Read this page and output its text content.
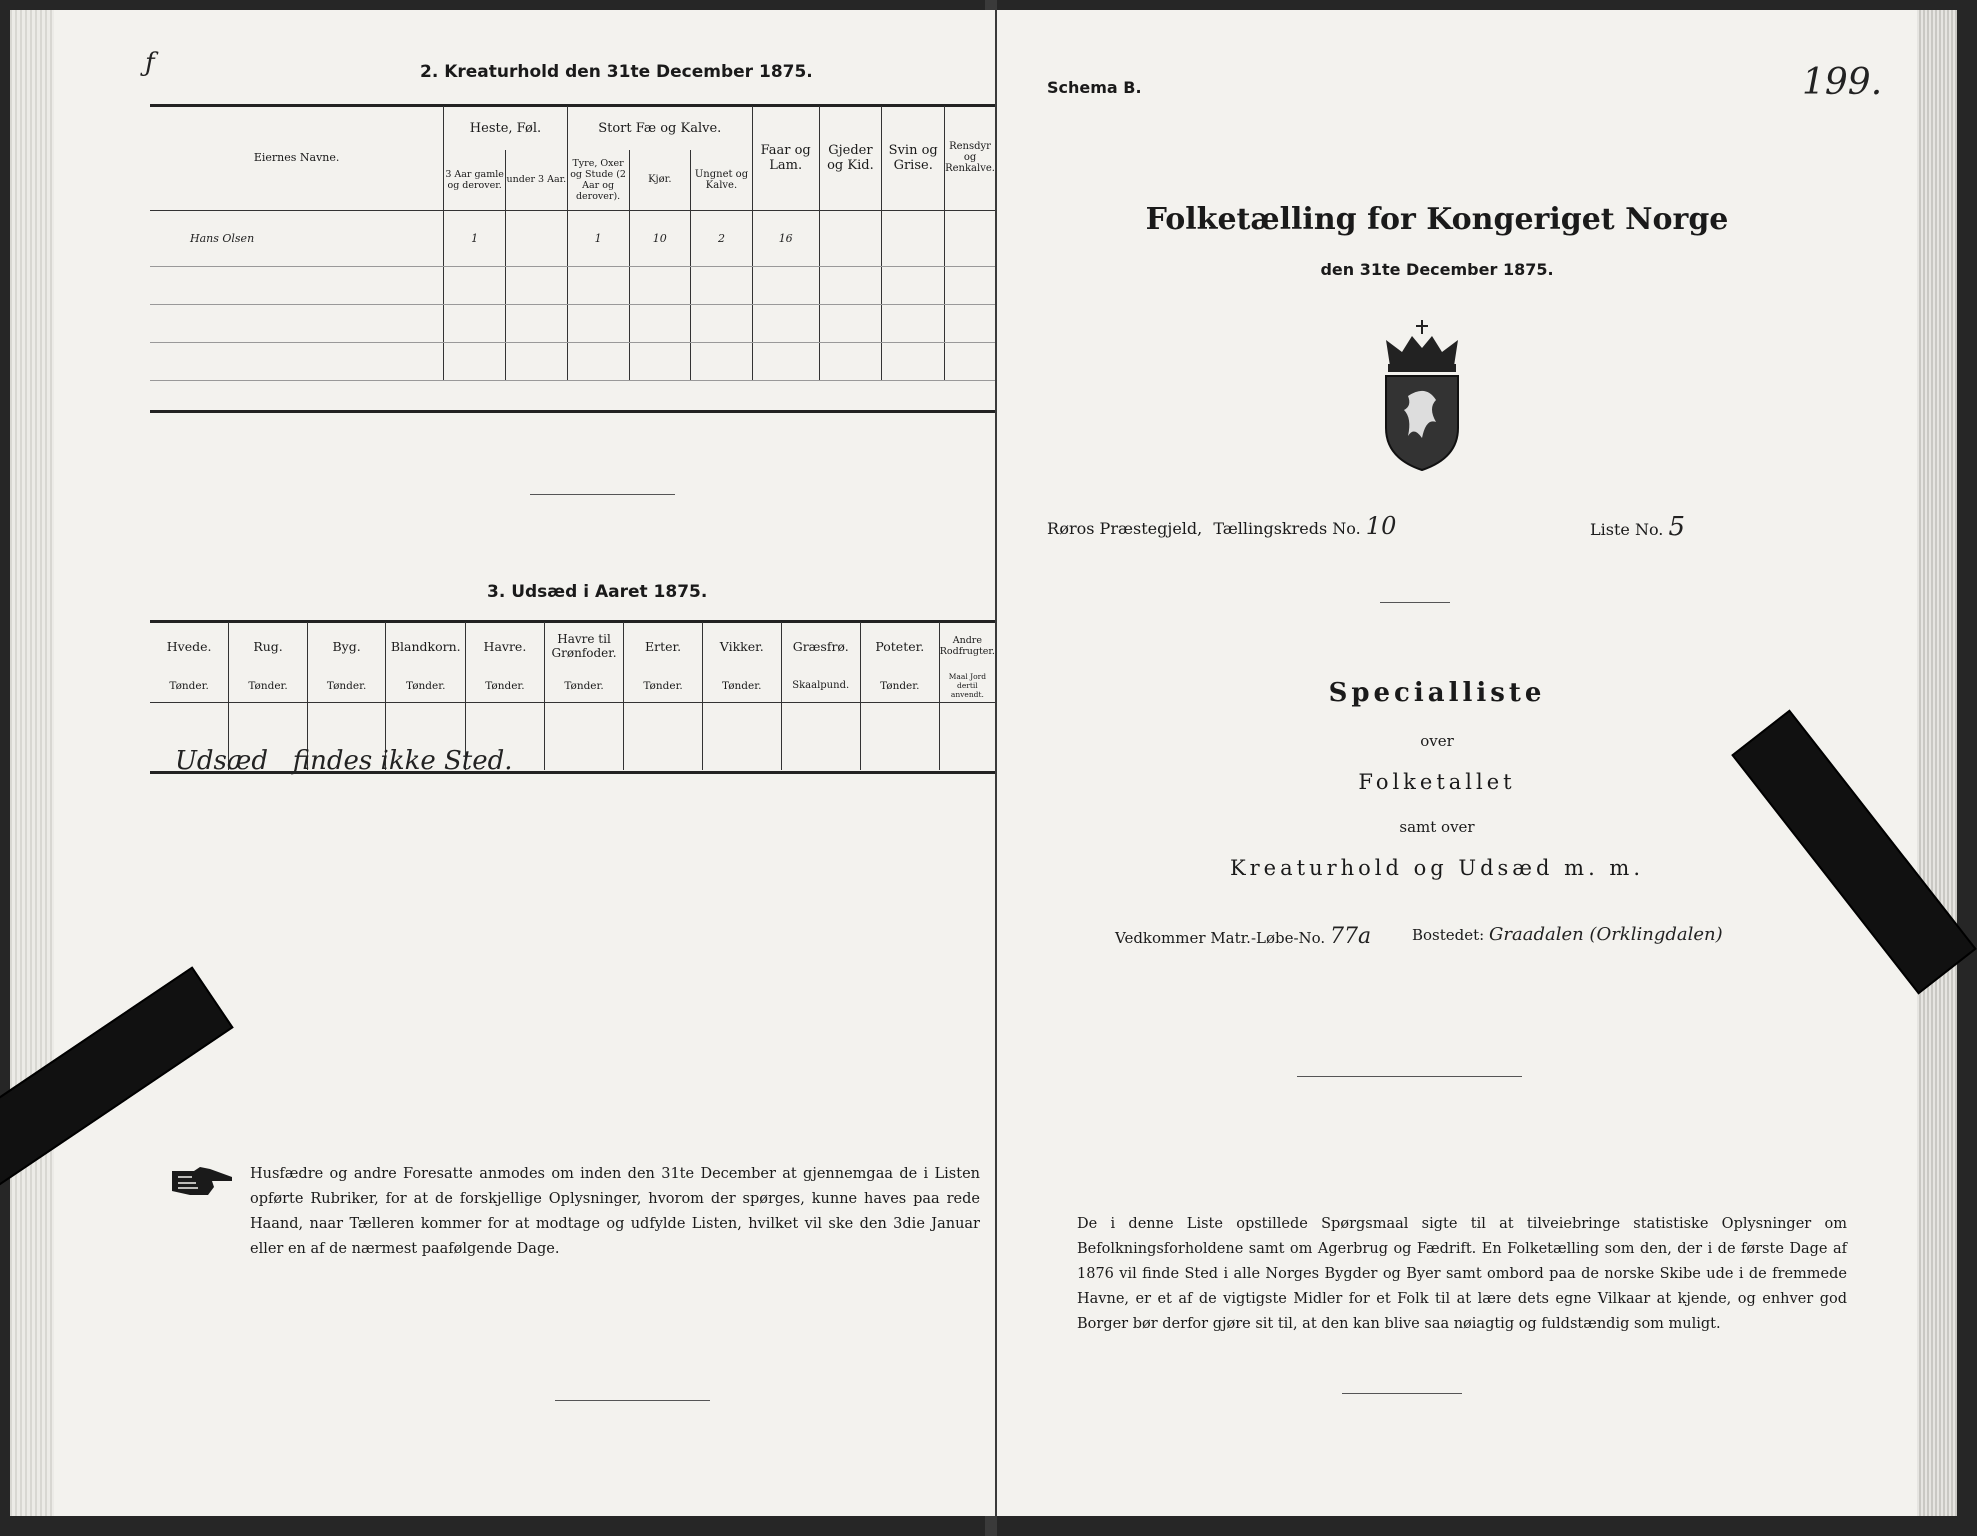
ƒ	2. Kreaturhold den 31te December 1875.
Eiernes Navne.	Heste, Føl.		Stort Fæ og Kalve.			Faar og Lam.	Gjeder og Kid.	Svin og Grise.	Rensdyr og Renkalve.
	3 Aar gamle og derover.	under 3 Aar.	Tyre, Oxer og Stude (2 Aar og derover).	Kjør.	Ungnet og Kalve.				
Hans Olsen	1		1	10	2	16			

3. Udsæd i Aaret 1875.
Hvede.	Rug.	Byg.	Blandkorn.	Havre.	Havre til Grønfoder.	Erter.	Vikker.	Græsfrø.	Poteter.	Andre Rodfrugter.
Tønder.	Tønder.	Tønder.	Tønder.	Tønder.	Tønder.	Tønder.	Tønder.	Skaalpund.	Tønder.	Maal Jord dertil anvendt.

Udsæd   findes ikke Sted.
Husfædre og andre Foresatte anmodes om inden den 31te December at gjennemgaa de i Listen opførte Rubriker, for at de forskjellige Oplysninger, hvorom der spørges, kunne haves paa rede Haand, naar Tælleren kommer for at modtage og udfylde Listen, hvilket vil ske den 3die Januar eller en af de nærmest paafølgende Dage.
Schema B.	199.
Folketælling for Kongeriget Norge
den 31te December 1875.
Røros Præstegjeld, Tællingskreds No. 10	Liste No. 5
Specialliste
over
Folketallet
samt over
Kreaturhold og Udsæd m. m.
Vedkommer Matr.-Løbe-No. 77a	Bostedet: Graadalen (Orklingdalen)
De i denne Liste opstillede Spørgsmaal sigte til at tilveiebringe statistiske Oplysninger om Befolkningsforholdene samt om Agerbrug og Fædrift. En Folketælling som den, der i de første Dage af 1876 vil finde Sted i alle Norges Bygder og Byer samt ombord paa de norske Skibe ude i de fremmede Havne, er et af de vigtigste Midler for et Folk til at lære dets egne Vilkaar at kjende, og enhver god Borger bør derfor gjøre sit til, at den kan blive saa nøiagtig og fuldstændig som muligt.
